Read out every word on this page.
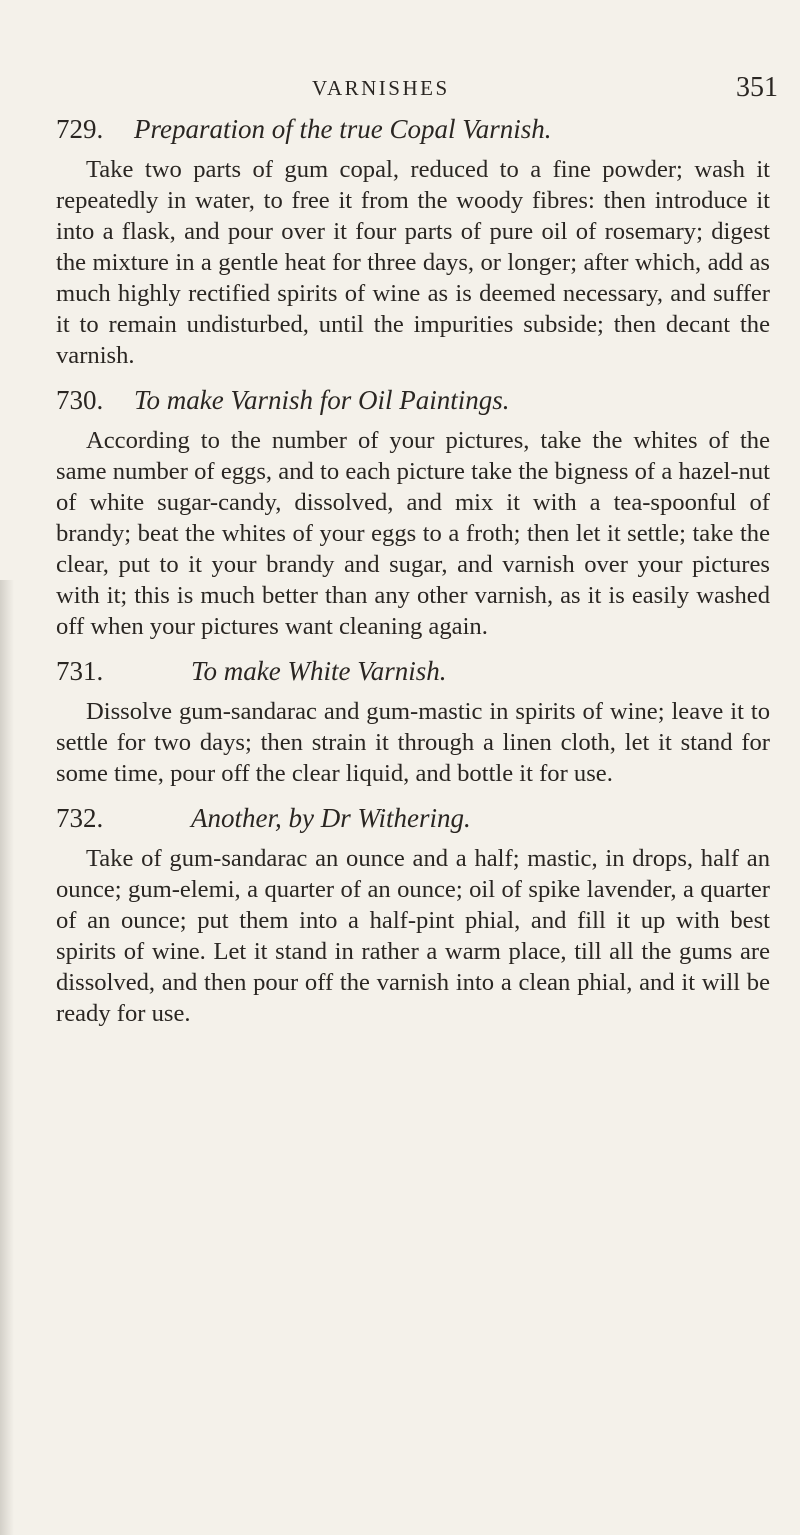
VARNISHES	351

729. Preparation of the true Copal Varnish.

Take two parts of gum copal, reduced to a fine powder; wash it repeatedly in water, to free it from the woody fibres: then introduce it into a flask, and pour over it four parts of pure oil of rosemary; digest the mixture in a gentle heat for three days, or longer; after which, add as much highly rectified spirits of wine as is deemed necessary, and suffer it to remain undisturbed, until the impurities subside; then decant the varnish.

730. To make Varnish for Oil Paintings.

According to the number of your pictures, take the whites of the same number of eggs, and to each picture take the bigness of a hazel-nut of white sugar-candy, dissolved, and mix it with a tea-spoonful of brandy; beat the whites of your eggs to a froth; then let it settle; take the clear, put to it your brandy and sugar, and varnish over your pictures with it; this is much better than any other varnish, as it is easily washed off when your pictures want cleaning again.

731.	To make White Varnish.

Dissolve gum-sandarac and gum-mastic in spirits of wine; leave it to settle for two days; then strain it through a linen cloth, let it stand for some time, pour off the clear liquid, and bottle it for use.

732.	Another, by Dr Withering.

Take of gum-sandarac an ounce and a half; mastic, in drops, half an ounce; gum-elemi, a quarter of an ounce; oil of spike lavender, a quarter of an ounce; put them into a half-pint phial, and fill it up with best spirits of wine. Let it stand in rather a warm place, till all the gums are dissolved, and then pour off the varnish into a clean phial, and it will be ready for use.
